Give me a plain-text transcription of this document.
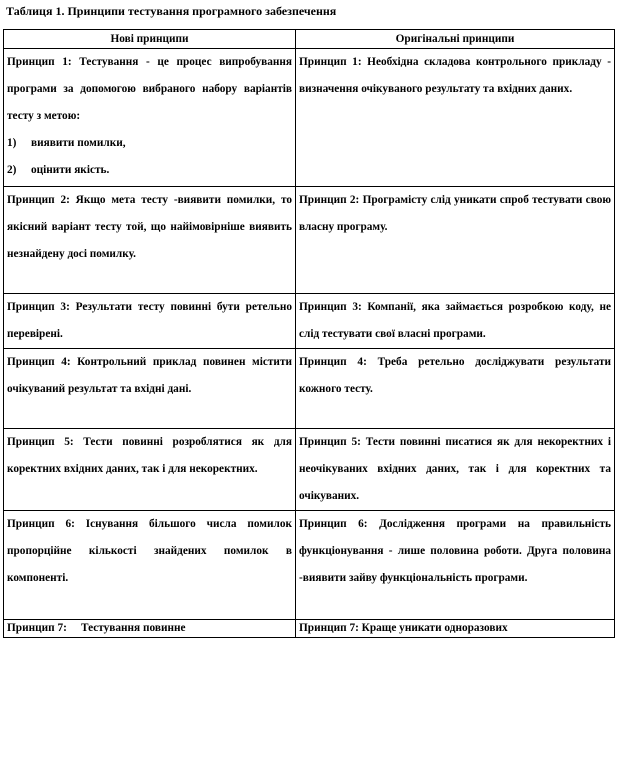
Таблиця 1. Принципи тестування програмного забезпечення
Нові принципи	Оригінальні принципи
Принцип 1: Тестування - це процес випробування програми за допомогою вибраного набору варіантів тесту з метою:
1) виявити помилки,
2) оцінити якість.	Принцип 1: Необхідна складова контрольного прикладу - визначення очікуваного результату та вхідних даних.
Принцип 2: Якщо мета тесту -виявити помилки, то якісний варіант тесту той, що найімовірніше виявить незнайдену досі помилку.	Принцип 2: Програмісту слід уникати спроб тестувати свою власну програму.
Принцип 3: Результати тесту повинні бути ретельно перевірені.	Принцип 3: Компанії, яка займається розробкою коду, не слід тестувати свої власні програми.
Принцип 4: Контрольний приклад повинен містити очікуваний результат та вхідні дані.	Принцип 4: Треба ретельно досліджувати результати кожного тесту.
Принцип 5: Тести повинні розроблятися як для коректних вхідних даних, так і для некоректних.	Принцип 5: Тести повинні писатися як для некоректних і неочікуваних вхідних даних, так і для коректних та очікуваних.
Принцип 6: Існування більшого числа помилок пропорційне кількості знайдених помилок в компоненті.	Принцип 6: Дослідження програми на правильність функціонування - лише половина роботи. Друга половина -виявити зайву функціональність програми.
Принцип 7:     Тестування повинне	Принцип 7: Краще уникати одноразових
